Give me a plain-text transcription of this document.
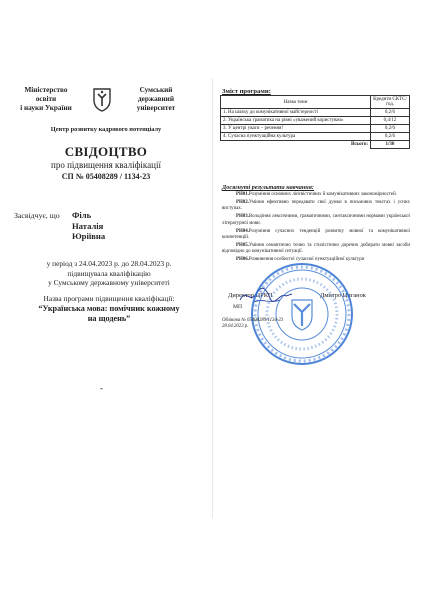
Міністерство
освіти
і науки України
Сумський
державний
університет
Центр розвитку кадрового потенціалу
СВІДОЦТВО
про підвищення кваліфікації
СП № 05408289 / 1134-23
Засвідчує, що Філь
Наталія
Юріївна
у період з 24.04.2023 р. до 28.04.2023 р.
підвищувала кваліфікацію
у Сумському державному університеті
Назва програми підвищення кваліфікації:
“Українська мова: помічник кожному
на щодень”
-
Зміст програми:
Назва теми	Кредити СКТС/ год.
1. На шляху до комунікативної майстерності	0,2/6
2. Українська граматика на рівні «уважений користувач»	0,4/12
3. У центрі уваги – речення!	0,2/6
4. Сучасна пунктуаційна культура	0,2/6
Всього:	1/30
Досягнуті результати навчання:

РН01.Розуміння основних лінгвістичних й комунікативних закономірностей.

РН02.Уміння ефективно передавати свої думки в письмових текстах і усних виступах.

РН03.Володіння лексичними, граматичними, синтаксичними нормами української літературної мови.

РН04.Розуміння сучасних тенденцій розвитку мовної та комунікативної компетенцій.

РН05.Уміння семантично точно та стилістично доречно добирати мовні засоби відповідно до комунікативної ситуації.

РН06.Розвинення особистої сучасної пунктуаційної культури

Директор ЦРКП
МП
Дмитро Циганок
Облікова № 05408289/1134-23
28.04.2023 р.
